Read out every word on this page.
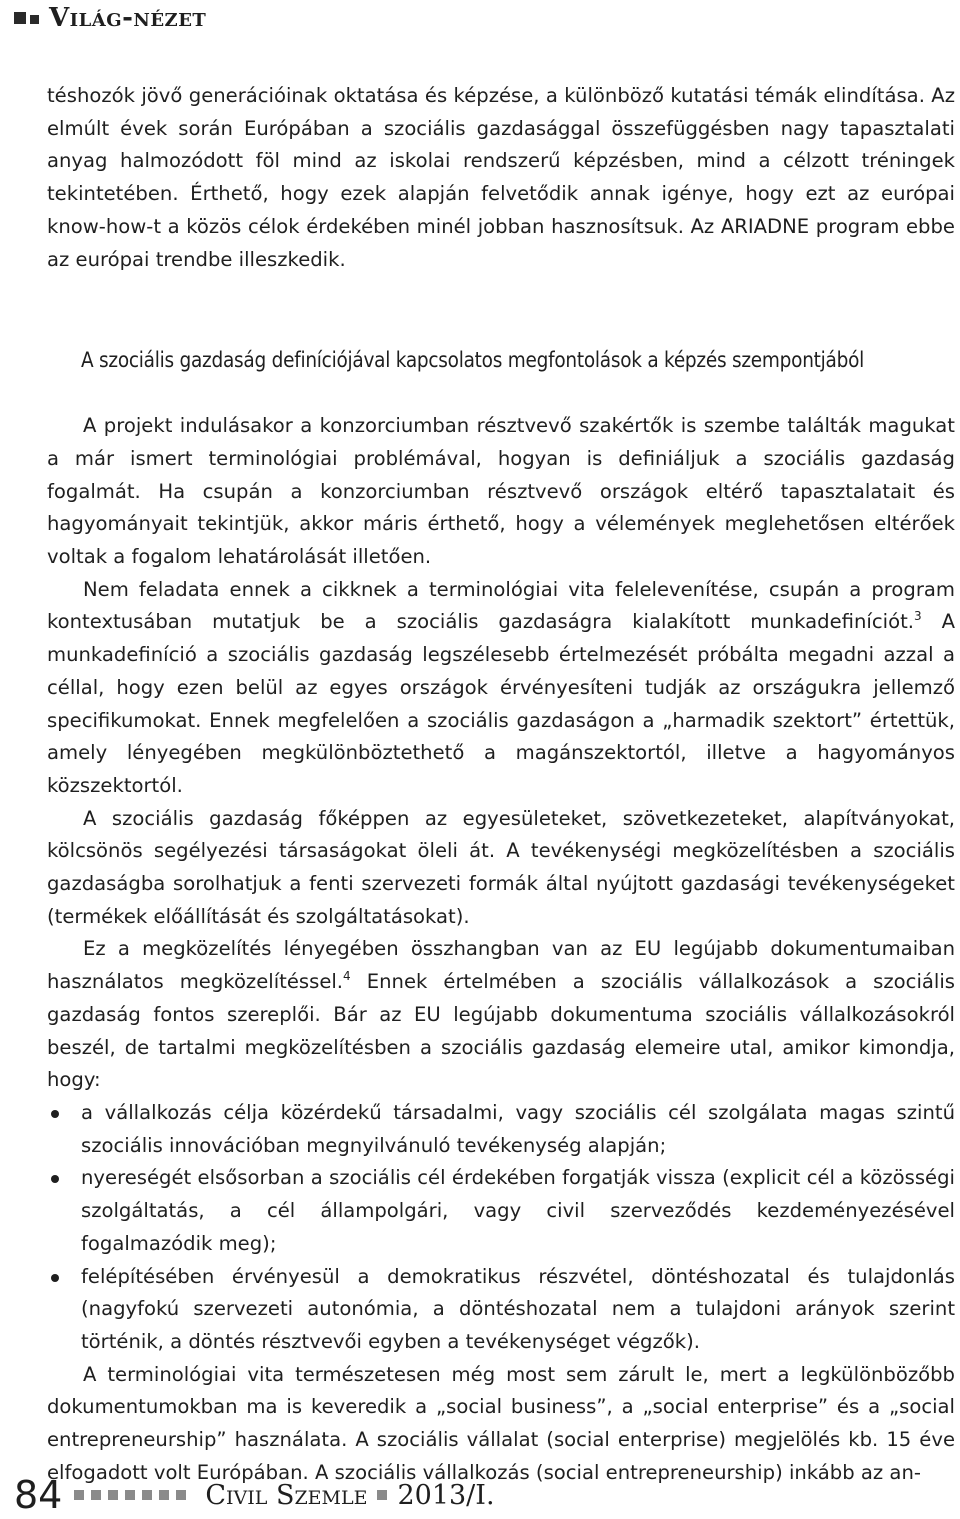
Világ-nézet

téshozók jövő generációinak oktatása és képzése, a különböző kutatási témák elindítása. Az elmúlt évek során Európában a szociális gazdasággal összefüggésben nagy tapasztalati anyag halmozódott föl mind az iskolai rendszerű képzésben, mind a célzott tréningek tekintetében. Érthető, hogy ezek alapján felvetődik annak igénye, hogy ezt az európai know-how-t a közös célok érdekében minél jobban hasznosítsuk. Az ARIADNE program ebbe az európai trendbe illeszkedik.

A szociális gazdaság definíciójával kapcsolatos megfontolások a képzés szempontjából

A projekt indulásakor a konzorciumban résztvevő szakértők is szembe találták magukat a már ismert terminológiai problémával, hogyan is definiáljuk a szociális gazdaság fogalmát. Ha csupán a konzorciumban résztvevő országok eltérő tapasztalatait és hagyományait tekintjük, akkor máris érthető, hogy a vélemények meglehetősen eltérőek voltak a fogalom lehatárolását illetően.

Nem feladata ennek a cikknek a terminológiai vita felelevenítése, csupán a program kontextusában mutatjuk be a szociális gazdaságra kialakított munkadefiníciót.$^3$ A munkadefiníció a szociális gazdaság legszélesebb értelmezését próbálta megadni azzal a céllal, hogy ezen belül az egyes országok érvényesíteni tudják az országukra jellemző specifikumokat. Ennek megfelelően a szociális gazdaságon a „harmadik szektort” értettük, amely lényegében megkülönböztethető a magánszektortól, illetve a hagyományos közszektortól.

A szociális gazdaság főképpen az egyesületeket, szövetkezeteket, alapítványokat, kölcsönös segélyezési társaságokat öleli át. A tevékenységi megközelítésben a szociális gazdaságba sorolhatjuk a fenti szervezeti formák által nyújtott gazdasági tevékenységeket (termékek előállítását és szolgáltatásokat).

Ez a megközelítés lényegében összhangban van az EU legújabb dokumentumaiban használatos megközelítéssel.$^4$ Ennek értelmében a szociális vállalkozások a szociális gazdaság fontos szereplői. Bár az EU legújabb dokumentuma szociális vállalkozásokról beszél, de tartalmi megközelítésben a szociális gazdaság elemeire utal, amikor kimondja, hogy:

a vállalkozás célja közérdekű társadalmi, vagy szociális cél szolgálata magas szintű szociális innovációban megnyilvánuló tevékenység alapján;
nyereségét elsősorban a szociális cél érdekében forgatják vissza (explicit cél a közösségi szolgáltatás, a cél állampolgári, vagy civil szerveződés kezdeményezésével fogalmazódik meg);
felépítésében érvényesül a demokratikus részvétel, döntéshozatal és tulajdonlás (nagyfokú szervezeti autonómia, a döntéshozatal nem a tulajdoni arányok szerint történik, a döntés résztvevői egyben a tevékenységet végzők).

A terminológiai vita természetesen még most sem zárult le, mert a legkülönbözőbb dokumentumokban ma is keveredik a „social business”, a „social enterprise” és a „social entrepreneurship” használata. A szociális vállalat (social enterprise) megjelölés kb. 15 éve elfogadott volt Európában. A szociális vállalkozás (social entrepreneurship) inkább az an-

84	Civil Szemle 2013/I.
